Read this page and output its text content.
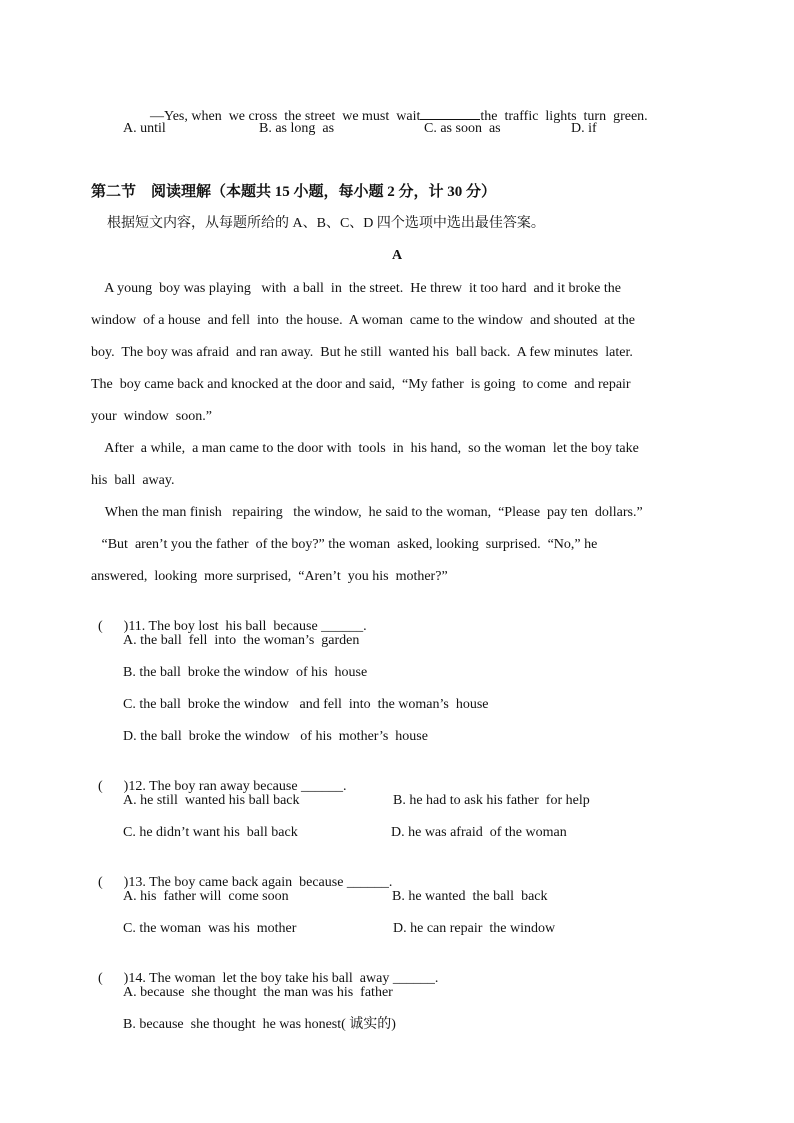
—Yes, when  we cross  the street  we must  wait	the  traffic  lights  turn  green.

A. until	B. as long  as	C. as soon  as	D. if
第二节    阅读理解（本题共 15 小题，每小题 2 分，计 30 分）
根据短文内容，从每题所给的 A、B、C、D 四个选项中选出最佳答案。
A
A young  boy was playing   with  a ball  in  the street.  He threw  it too hard  and it broke the
window  of a house  and fell  into  the house.  A woman  came to the window  and shouted  at the
boy.  The boy was afraid  and ran away.  But he still  wanted his  ball back.  A few minutes  later.
The  boy came back and knocked at the door and said,  “My father  is going  to come  and repair
your  window  soon.”
After  a while,  a man came to the door with  tools  in  his hand,  so the woman  let the boy take
his  ball  away.
When the man finish   repairing   the window,  he said to the woman,  “Please  pay ten  dollars.”
“But  aren’t you the father  of the boy?” the woman  asked, looking  surprised.  “No,” he
answered,  looking  more surprised,  “Aren’t  you his  mother?”

(      )11. The boy lost  his ball  because ______.

A. the ball  fell  into  the woman’s  garden
B. the ball  broke the window  of his  house
C. the ball  broke the window   and fell  into  the woman’s  house
D. the ball  broke the window   of his  mother’s  house

(      )12. The boy ran away because ______.

A. he still  wanted his ball back	B. he had to ask his father  for help
C. he didn’t want his  ball back	D. he was afraid  of the woman

(      )13. The boy came back again  because ______.

A. his  father will  come soon	B. he wanted  the ball  back
C. the woman  was his  mother	D. he can repair  the window

(      )14. The woman  let the boy take his ball  away ______.

A. because  she thought  the man was his  father
B. because  she thought  he was honest( 诚实的)
